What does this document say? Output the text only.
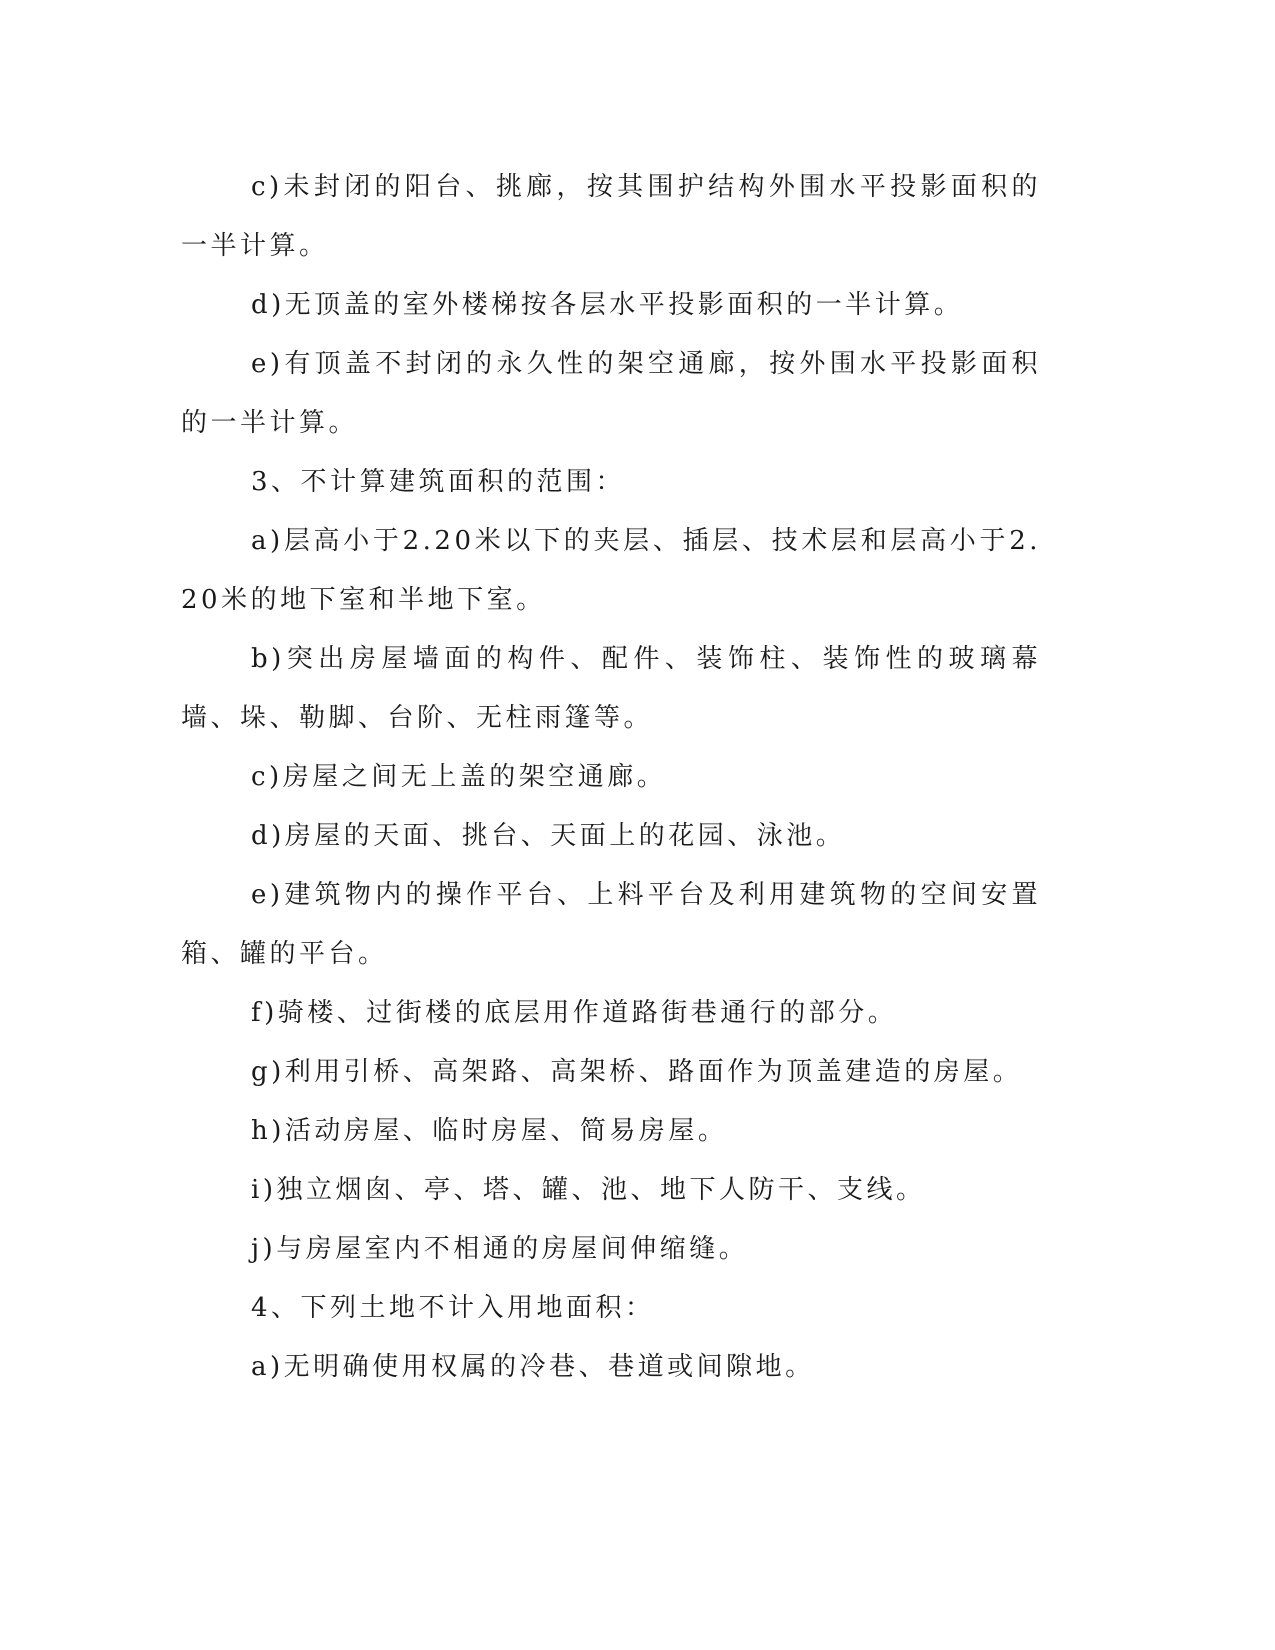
c)未封闭的阳台、挑廊，按其围护结构外围水平投影面积的一半计算。

d)无顶盖的室外楼梯按各层水平投影面积的一半计算。

e)有顶盖不封闭的永久性的架空通廊，按外围水平投影面积的一半计算。

3、不计算建筑面积的范围：

a)层高小于2.20米以下的夹层、插层、技术层和层高小于2.20米的地下室和半地下室。

b)突出房屋墙面的构件、配件、装饰柱、装饰性的玻璃幕墙、垛、勒脚、台阶、无柱雨篷等。

c)房屋之间无上盖的架空通廊。

d)房屋的天面、挑台、天面上的花园、泳池。

e)建筑物内的操作平台、上料平台及利用建筑物的空间安置箱、罐的平台。

f)骑楼、过街楼的底层用作道路街巷通行的部分。

g)利用引桥、高架路、高架桥、路面作为顶盖建造的房屋。

h)活动房屋、临时房屋、简易房屋。

i)独立烟囱、亭、塔、罐、池、地下人防干、支线。

j)与房屋室内不相通的房屋间伸缩缝。

4、下列土地不计入用地面积：

a)无明确使用权属的冷巷、巷道或间隙地。
